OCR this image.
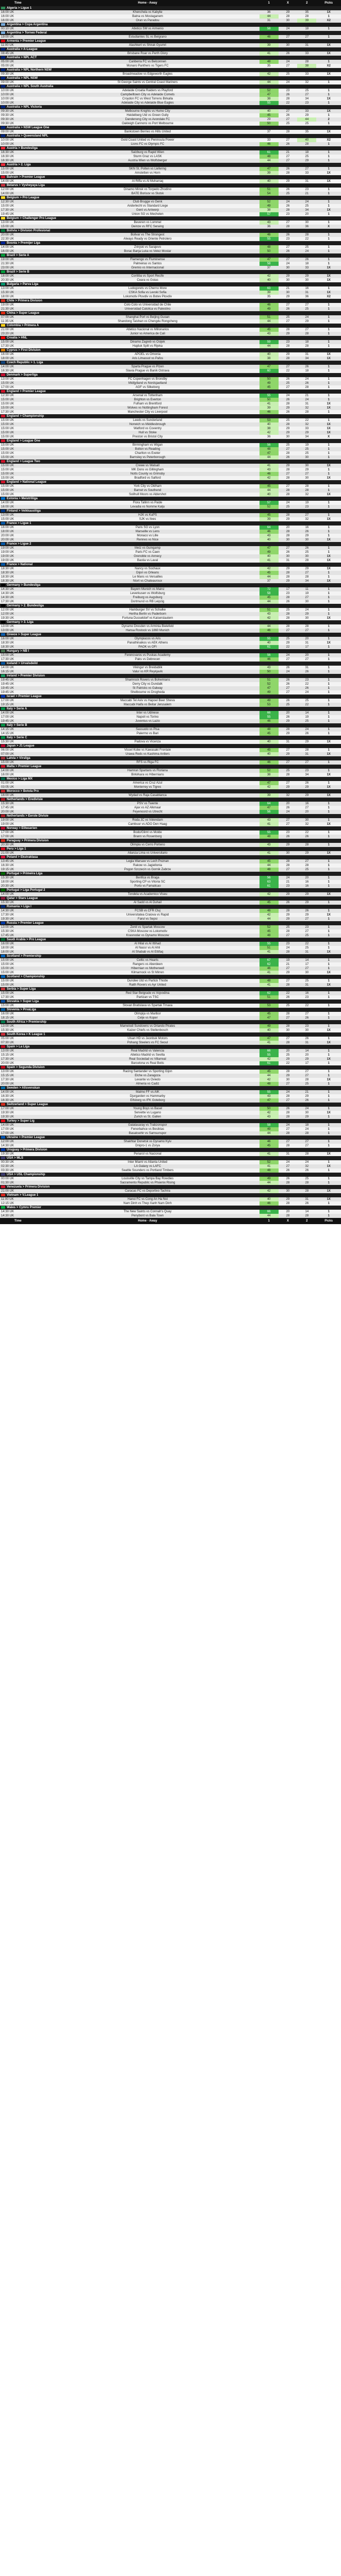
Time	Home - Away	1	X	2	Picks
Algeria > Ligue 1					
16:00 UK	Khenchela vs Kabylie	36	29	35	1X
16:00 UK	Batna vs Mostaganem	44	28	28	1
16:00 UK	Oran vs Paradou	31	30	39	X2
Argentina > Copa Argentina					
00:10 UK	Atletico SM vs Armenio	58	24	18	1
Argentina > Torneo Federal					
19:00 UK	Estudiantes SL vs Belgrano	46	27	27	1
Armenia > Premier League					
11:00 UK	Alashkert vs Shirak Gyumri	39	30	31	1X
Australia > A-League					
08:45 UK	Brisbane Roar vs Perth Glory	41	26	33	1X
Australia > NPL ACT					
05:00 UK	Canberra FC vs Belconnen	48	24	28	1
05:00 UK	Monaro Panthers vs Tigers FC	35	27	38	X2
Australia > NPL Northern NSW					
09:30 UK	Broadmeadow vs Edgeworth Eagles	42	25	33	1X
Australia > NPL NSW					
09:00 UK	St George Saints vs Central Coast Mariners	44	24	32	1
Australia > NPL South Australia					
10:00 UK	Adelaide Croatia Raiders vs Playford	52	23	25	1
10:00 UK	Campbelltown City vs Adelaide Comets	47	26	27	1
10:00 UK	Croydon FC vs West Torrens Birkalla	38	28	34	1X
10:00 UK	Adelaide City vs Adelaide Blue Eagles	55	22	23	1
Australia > NPL Victoria					
09:30 UK	Melbourne Knights vs Hume City	40	27	33	1X
09:30 UK	Heidelberg Utd vs Green Gully	45	26	29	1
09:30 UK	Dandenong City vs Avondale FC	29	27	44	2
09:30 UK	Oakleigh Cannons vs Port Melbourne	50	25	25	1
Australia > NSW League One					
09:00 UK	Bankstown Berries vs Hills United	37	28	35	1X
Australia > Queensland NPL					
10:00 UK	Gold Coast United vs Peninsula Power	33	27	40	X2
10:00 UK	Lions FC vs Olympic FC	46	26	28	1
Austria > Bundesliga					
16:30 UK	Salzburg vs Rapid Wien	61	21	18	1
16:30 UK	Sturm Graz vs LASK	48	27	25	1
16:30 UK	Austria Wien vs Wolfsberger	44	27	29	1
Austria > 2. Liga					
15:00 UK	SKN St. Polten vs Liefering	47	26	27	1
15:00 UK	Amstetten vs Horn	39	28	33	1X
Bahrain > Premier League					
14:00 UK	Al Riffa vs Al Muharraq	40	29	31	1X
Belarus > Vysheyaya Liga					
12:00 UK	Dinamo Minsk vs Torpedo Zhodino	51	26	23	1
14:00 UK	BATE Borisov vs Slutsk	54	25	21	1
Belgium > Pro League					
12:30 UK	Club Brugge vs Genk	52	24	24	1
15:00 UK	Anderlecht vs Standard Liege	49	26	25	1
17:30 UK	Gent vs Antwerp	38	28	34	1X
19:45 UK	Union SG vs Mechelen	57	23	20	1
Belgium > Challenger Pro League					
13:00 UK	Beveren vs Lommel	43	27	30	1
15:00 UK	Deinze vs RFC Seraing	36	28	36	X
Bolivia > Division Profesional					
20:00 UK	Bolivar vs The Strongest	46	26	28	1
22:30 UK	Always Ready vs Oriente Petrolero	55	23	22	1
Bosnia > Premijer Liga					
14:00 UK	Zrinjski vs Sarajevo	48	27	25	1
16:00 UK	Borac Banja Luka vs Velez Mostar	50	26	24	1
Brazil > Serie A					
19:00 UK	Flamengo vs Fluminense	47	27	26	1
21:30 UK	Palmeiras vs Santos	58	24	18	1
23:00 UK	Gremio vs Internacional	37	30	33	1X
Brazil > Serie B					
18:00 UK	Coritiba vs Sport Recife	42	29	29	1X
20:30 UK	Ceara vs Goias	40	30	30	1X
Bulgaria > Parva Liga					
13:00 UK	Ludogorets vs Cherno More	63	21	16	1
15:30 UK	CSKA Sofia vs Levski Sofia	39	30	31	1X
18:00 UK	Lokomotiv Plovdiv vs Botev Plovdiv	35	29	36	X2
Chile > Primera Division					
19:00 UK	Colo Colo vs Universidad de Chile	46	27	27	1
21:30 UK	Universidad Catolica vs Palestino	49	26	25	1
China > Super League					
07:00 UK	Shanghai Port vs Beijing Guoan	51	25	24	1
11:35 UK	Shandong Taishan vs Chengdu Rongcheng	44	27	29	1
Colombia > Primera A					
21:00 UK	Atletico Nacional vs Millonarios	45	28	27	1
23:20 UK	Junior vs America de Cali	43	29	28	1
Croatia > HNL					
15:00 UK	Dinamo Zagreb vs Osijek	59	23	18	1
17:30 UK	Hajduk Split vs Rijeka	44	28	28	1
Cyprus > First Division					
16:00 UK	APOEL vs Omonia	40	29	31	1X
18:00 UK	Aris Limassol vs Pafos	38	28	34	1X
Czech Republic > 1. Liga					
14:00 UK	Sparta Prague vs Plzen	47	27	26	1
16:30 UK	Slavia Prague vs Banik Ostrava	60	22	18	1
Denmark > Superliga					
13:00 UK	FC Copenhagen vs Brondby	50	26	24	1
15:00 UK	Midtjylland vs Nordsjaelland	49	25	26	1
17:00 UK	AGF vs Silkeborg	45	27	28	1
England > Premier League					
12:30 UK	Arsenal vs Tottenham	55	24	21	1
15:00 UK	Brighton vs Everton	50	26	24	1
15:00 UK	Fulham vs Brentford	41	28	31	1X
15:00 UK	Wolves vs Nottingham Forest	39	29	32	1X
17:30 UK	Manchester City vs Liverpool	46	26	28	1
England > Championship					
15:00 UK	Leeds vs Sunderland	53	25	22	1
15:00 UK	Norwich vs Middlesbrough	40	28	32	1X
15:00 UK	Watford vs Coventry	38	29	33	1X
15:00 UK	Hull vs Stoke	42	29	29	1X
15:00 UK	Preston vs Bristol City	36	30	34	X
England > League One					
15:00 UK	Birmingham vs Wigan	56	25	19	1
15:00 UK	Bolton vs Reading	48	27	25	1
15:00 UK	Charlton vs Exeter	47	28	25	1
15:00 UK	Barnsley vs Peterborough	44	26	30	1
England > League Two					
15:00 UK	Crewe vs Walsall	41	29	30	1X
15:00 UK	MK Dons vs Gillingham	43	28	29	1
15:00 UK	Notts County vs Grimsby	46	27	27	1
15:00 UK	Bradford vs Salford	42	28	30	1X
England > National League					
15:00 UK	York City vs Oldham	45	27	28	1
15:00 UK	Barnet vs Southend	44	28	28	1
15:00 UK	Solihull Moors vs Aldershot	40	28	32	1X
Estonia > Meistriliiga					
14:00 UK	Flora Tallinn vs Paide	57	24	19	1
16:00 UK	Levadia vs Nomme Kalju	52	25	23	1
Finland > Veikkausliiga					
13:00 UK	HJK vs KuPS	45	28	27	1
15:00 UK	SJK vs Ilves	39	29	32	1X
France > Ligue 1					
16:00 UK	Paris SG vs Lyon	64	20	16	1
18:00 UK	Marseille vs Lens	46	28	26	1
20:00 UK	Monaco vs Lille	43	28	29	1
20:00 UK	Rennes vs Nice	40	30	30	1X
France > Ligue 2					
19:00 UK	Metz vs Guingamp	47	27	26	1
19:00 UK	Paris FC vs Caen	49	26	25	1
19:00 UK	Grenoble vs Annecy	40	30	30	1X
19:00 UK	Bastia vs Laval	41	31	28	1X
France > National					
18:30 UK	Nancy vs Sochaux	42	29	29	1X
18:30 UK	Dijon vs Orleans	45	28	27	1
18:30 UK	Le Mans vs Versailles	44	28	28	1
18:30 UK	Niort vs Chateauroux	37	29	34	1X
Germany > Bundesliga					
14:30 UK	Bayern Munich vs Mainz	72	17	11	1
14:30 UK	Leverkusen vs Wolfsburg	58	23	19	1
14:30 UK	Freiburg vs Augsburg	45	28	27	1
17:30 UK	Dortmund vs RB Leipzig	44	26	30	1
Germany > 2. Bundesliga					
12:00 UK	Hamburger SV vs Schalke	51	25	24	1
12:00 UK	Hertha Berlin vs Paderborn	43	28	29	1
19:30 UK	Fortuna Dusseldorf vs Kaiserslautern	42	28	30	1X
Germany > 3. Liga					
13:00 UK	Dynamo Dresden vs Arminia Bielefeld	44	28	28	1
13:00 UK	Hansa Rostock vs 1860 Munich	46	27	27	1
Greece > Super League					
16:00 UK	Olympiacos vs Aris	55	25	20	1
18:30 UK	Panathinaikos vs AEK Athens	40	29	31	1X
18:30 UK	PAOK vs OFI	61	22	17	1
Hungary > NB I					
15:00 UK	Ferencvaros vs Puskas Academy	56	24	20	1
17:30 UK	Paks vs Debrecen	46	27	27	1
Iceland > Urvalsdeild					
14:00 UK	Vikingur vs Breidablik	43	26	31	1
16:15 UK	Valur vs KR Reykjavik	50	24	26	1
Ireland > Premier Division					
19:45 UK	Shamrock Rovers vs Bohemians	51	26	23	1
19:45 UK	Derry City vs Dundalk	52	26	22	1
19:45 UK	St Patricks vs Galway	47	27	26	1
19:45 UK	Shelbourne vs Drogheda	49	27	24	1
Israel > Premier League					
17:00 UK	Maccabi Tel Aviv vs Hapoel Beer Sheva	49	26	25	1
19:15 UK	Maccabi Haifa vs Beitar Jerusalem	53	25	22	1
Italy > Serie A					
14:00 UK	Inter vs Udinese	66	20	14	1
17:00 UK	Napoli vs Torino	55	26	19	1
19:45 UK	Juventus vs Lazio	46	29	25	1
Italy > Serie B					
14:15 UK	Sassuolo vs Pisa	48	28	24	1
14:15 UK	Palermo vs Bari	45	29	26	1
Italy > Serie C					
15:30 UK	Padova vs Vicenza	40	31	29	1X
Japan > J1 League					
06:00 UK	Vissel Kobe vs Kawasaki Frontale	45	27	28	1
07:00 UK	Urawa Reds vs Kashima Antlers	40	29	31	1X
Latvia > Virsliga					
15:00 UK	RFS vs Riga FC	46	27	27	1
Malta > Premier League					
14:00 UK	Hamrun Spartans vs Floriana	52	25	23	1
16:00 UK	Birkirkara vs Hibernians	38	28	34	1X
Mexico > Liga MX					
01:00 UK	America vs Cruz Azul	47	27	26	1
03:05 UK	Monterrey vs Tigres	42	29	29	1X
Morocco > Botola Pro					
16:00 UK	Wydad vs Raja Casablanca	39	32	29	1X
Netherlands > Eredivisie					
15:30 UK	PSV vs Twente	64	20	16	1
17:45 UK	Ajax vs AZ Alkmaar	47	26	27	1
20:00 UK	Feyenoord vs Utrecht	56	24	20	1
Netherlands > Eerste Divisie					
19:00 UK	Roda JC vs Volendam	43	27	30	1
19:00 UK	Cambuur vs ADO Den Haag	41	27	32	1X
Norway > Eliteserien					
17:00 UK	Bodo/Glimt vs Molde	55	23	22	1
17:00 UK	Brann vs Rosenborg	48	26	26	1
Paraguay > Primera Division					
20:30 UK	Olimpia vs Cerro Porteno	43	29	28	1
Peru > Liga 1					
21:00 UK	Alianza Lima vs Universitario	41	30	29	1X
Poland > Ekstraklasa					
13:45 UK	Legia Warsaw vs Lech Poznan	45	28	27	1
16:30 UK	Rakow vs Jagiellonia	44	28	28	1
19:15 UK	Pogon Szczecin vs Gornik Zabrze	48	27	25	1
Portugal > Primeira Liga					
15:30 UK	Benfica vs Braga	56	24	20	1
18:00 UK	Sporting CP vs Vitoria SC	63	21	16	1
20:30 UK	Porto vs Famalicao	61	23	16	1
Portugal > Liga Portugal 2					
14:00 UK	Tondela vs Academico Viseu	42	29	29	1X
Qatar > Stars League					
15:30 UK	Al Sadd vs Al Duhail	45	26	29	1
Romania > Liga I					
14:30 UK	FCSB vs CFR Cluj	46	28	26	1
17:30 UK	Universitatea Craiova vs Rapid	42	29	29	1X
19:30 UK	Farul vs Sepsi	44	29	27	1
Russia > Premier League					
13:00 UK	Zenit vs Spartak Moscow	52	25	23	1
15:30 UK	CSKA Moscow vs Lokomotiv	45	28	27	1
17:45 UK	Krasnodar vs Dynamo Moscow	48	27	25	1
Saudi Arabia > Pro League					
16:00 UK	Al Hilal vs Al Ittihad	55	23	22	1
18:00 UK	Al Nassr vs Al Ahli	51	24	25	1
18:00 UK	Al Shabab vs Al Ettifaq	41	28	31	1X
Scotland > Premiership					
15:00 UK	Celtic vs Hearts	67	19	14	1
15:00 UK	Rangers vs Aberdeen	62	21	17	1
15:00 UK	Hibernian vs Motherwell	46	27	27	1
15:00 UK	Kilmarnock vs St Mirren	41	29	30	1X
Scotland > Championship					
15:00 UK	Dundee Utd vs Partick Thistle	48	27	25	1
15:00 UK	Raith Rovers vs Ayr United	41	28	31	1X
Serbia > Super Liga					
15:00 UK	Red Star Belgrade vs Vojvodina	62	22	16	1
17:30 UK	Partizan vs TSC	51	26	23	1
Slovakia > Super Liga					
15:00 UK	Slovan Bratislava vs Spartak Trnava	53	25	22	1
Slovenia > PrvaLiga					
16:00 UK	Olimpija vs Maribor	45	28	27	1
18:15 UK	Celje vs Koper	47	27	26	1
South Africa > Premiership					
13:00 UK	Mamelodi Sundowns vs Orlando Pirates	49	28	23	1
15:30 UK	Kaizer Chiefs vs Stellenbosch	40	30	30	1X
South Korea > K League 1					
05:00 UK	Ulsan HD vs Jeonbuk Motors	47	27	26	1
07:30 UK	Pohang Steelers vs FC Seoul	41	28	31	1X
Spain > La Liga					
13:00 UK	Real Madrid vs Valencia	66	20	14	1
15:15 UK	Atletico Madrid vs Sevilla	55	25	20	1
17:30 UK	Real Sociedad vs Villarreal	42	29	29	1X
20:00 UK	Barcelona vs Real Betis	61	22	17	1
Spain > Segunda Division					
13:00 UK	Racing Santander vs Sporting Gijon	45	28	27	1
15:15 UK	Elche vs Zaragoza	44	29	27	1
17:30 UK	Levante vs Oviedo	42	30	28	1X
20:00 UK	Almeria vs Cadiz	48	27	25	1
Sweden > Allsvenskan					
14:00 UK	Malmo FF vs AIK	55	24	21	1
16:30 UK	Djurgarden vs Hammarby	43	28	29	1
16:30 UK	Elfsborg vs IFK Goteborg	47	27	26	1
Switzerland > Super League					
17:00 UK	Young Boys vs Basel	50	26	24	1
19:30 UK	Servette vs Lugano	42	28	30	1X
19:30 UK	Zurich vs St. Gallen	43	28	29	1
Turkey > Super Lig					
14:00 UK	Galatasaray vs Trabzonspor	58	24	18	1
17:00 UK	Fenerbahce vs Besiktas	49	27	24	1
17:00 UK	Basaksehir vs Samsunspor	44	28	28	1
Ukraine > Premier League					
12:00 UK	Shakhtar Donetsk vs Dynamo Kyiv	46	27	27	1
14:30 UK	Dnipro-1 vs Zorya	45	28	27	1
Uruguay > Primera Division					
19:30 UK	Penarol vs Nacional	41	31	28	1X
USA > MLS					
00:30 UK	Inter Miami vs Atlanta United	52	24	24	1
02:30 UK	LA Galaxy vs LAFC	41	27	32	1X
03:30 UK	Seattle Sounders vs Portland Timbers	48	26	26	1
USA > USL Championship					
00:00 UK	Louisville City vs Tampa Bay Rowdies	49	26	25	1
01:30 UK	Sacramento Republic vs Phoenix Rising	44	28	28	1
Venezuela > Primera Division					
21:00 UK	Caracas FC vs Deportivo Tachira	42	30	28	1X
Vietnam > V.League 1					
11:00 UK	Hanoi FC vs Cong An Ha Noi	40	29	31	1X
12:15 UK	Nam Dinh vs Thep Xanh Nam Dinh	46	28	26	1
Wales > Cymru Premier					
14:30 UK	The New Saints vs Connah's Quay	66	20	14	1
14:30 UK	Penybont vs Bala Town	44	28	28	1
Time	Home - Away	1	X	2	Picks
